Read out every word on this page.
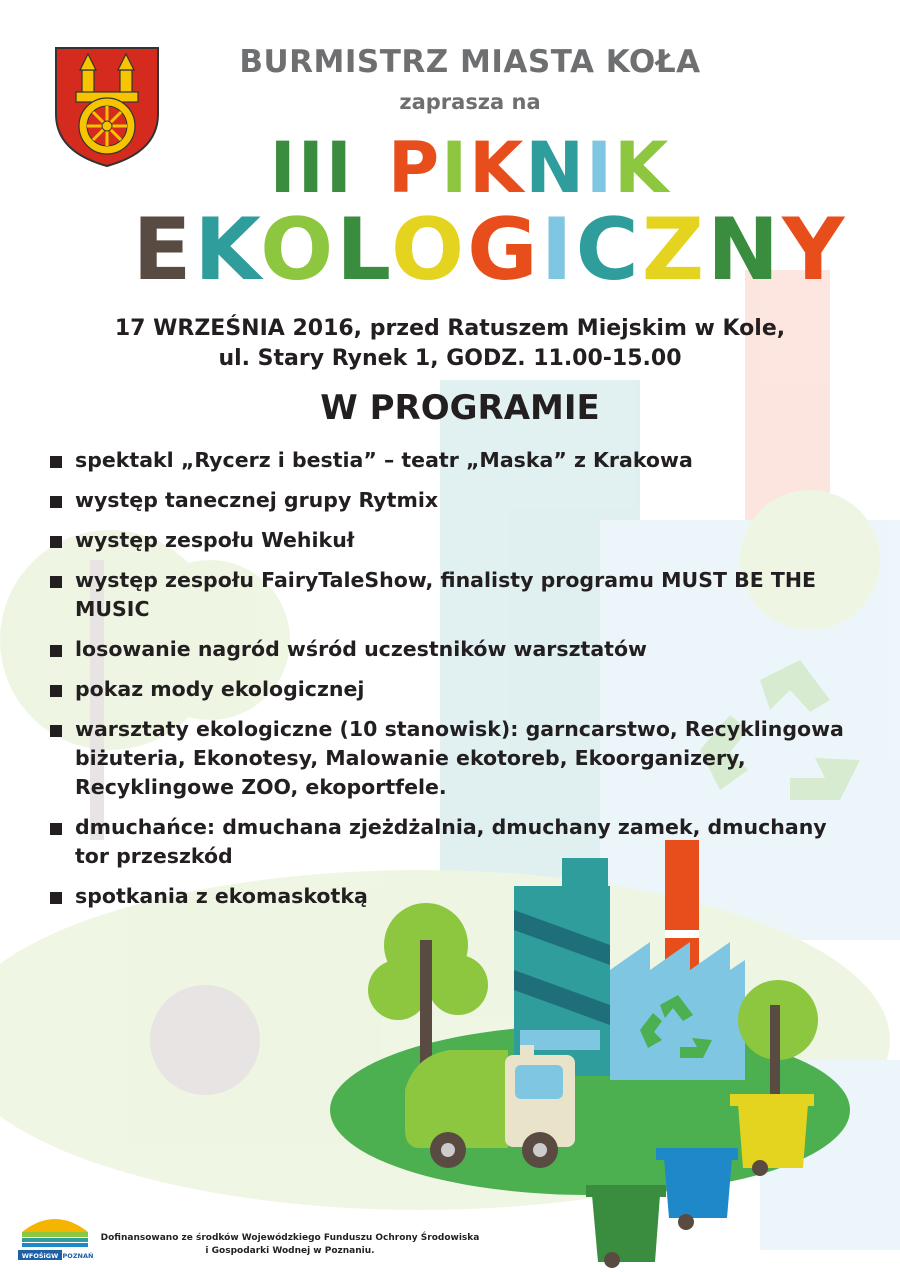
BURMISTRZ MIASTA KOŁA

zaprasza na

III PIKNIK
EKOLOGICZNY

17 WRZEŚNIA 2016, przed Ratuszem Miejskim w Kole,
ul. Stary Rynek 1, GODZ. 11.00-15.00

W PROGRAMIE
spektakl „Rycerz i bestia” – teatr „Maska” z Krakowa
występ tanecznej grupy Rytmix
występ zespołu Wehikuł
występ zespołu FairyTaleShow, finalisty programu MUST BE THE MUSIC
losowanie nagród wśród uczestników warsztatów
pokaz mody ekologicznej
warsztaty ekologiczne (10 stanowisk): garncarstwo, Recyklingowa biżuteria, Ekonotesy, Malowanie ekotoreb, Ekoorganizery, Recyklingowe ZOO, ekoportfele.
dmuchańce: dmuchana zjeżdżalnia, dmuchany zamek, dmuchany tor przeszkód
spotkania z ekomaskotką
WFOŚiGW POZNAŃ

Dofinansowano ze środków Wojewódzkiego Funduszu Ochrony Środowiska
i Gospodarki Wodnej w Poznaniu.
